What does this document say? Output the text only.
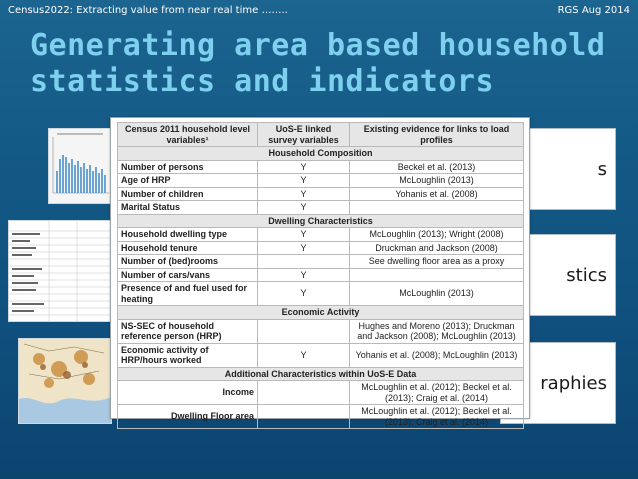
Census2022: Extracting value from near real time ……..	RGS Aug 2014
Generating area based household
statistics and indicators
s
stics
raphies
Census 2011 household level variables¹	UoS-E linked survey variables	Existing evidence for links to load profiles
Household Composition		
Number of persons	Y	Beckel et al. (2013)
Age of HRP	Y	McLoughlin (2013)
Number of children	Y	Yohanis et al. (2008)
Marital Status	Y	
Dwelling Characteristics		
Household dwelling type	Y	McLoughlin (2013); Wright (2008)
Household tenure	Y	Druckman and Jackson (2008)
Number of (bed)rooms		See dwelling floor area as a proxy
Number of cars/vans	Y	
Presence of and fuel used for heating	Y	McLoughlin (2013)
Economic Activity		
NS-SEC of household reference person (HRP)		Hughes and Moreno (2013); Druckman and Jackson (2008); McLoughlin (2013)
Economic activity of HRP/hours worked	Y	Yohanis et al. (2008); McLoughlin (2013)
Additional Characteristics within UoS-E Data		
Income		McLoughlin et al. (2012); Beckel et al. (2013); Craig et al. (2014)
Dwelling Floor area		McLoughlin et al. (2012); Beckel et al. (2013); Craig et al. (2014)
